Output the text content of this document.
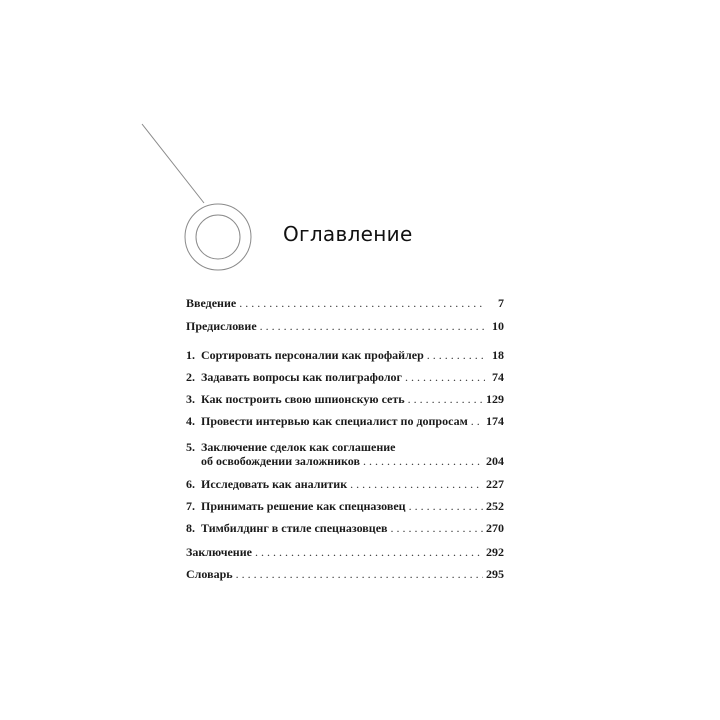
Оглавление
Введение . . .	7
Предисловие . . .	10
1. Сортировать персоналии как профайлер . . .	18
2. Задавать вопросы как полиграфолог . . .	74
3. Как построить свою шпионскую сеть . . .	129
4. Провести интервью как специалист по допросам . . . 174
5. Заключение сделок как соглашение
об освобождении заложников . . .	204
6. Исследовать как аналитик . . .	227
7. Принимать решение как спецназовец . . .	252
8. Тимбилдинг в стиле спецназовцев . . .	270
Заключение . . .	292
Словарь . . .	295
